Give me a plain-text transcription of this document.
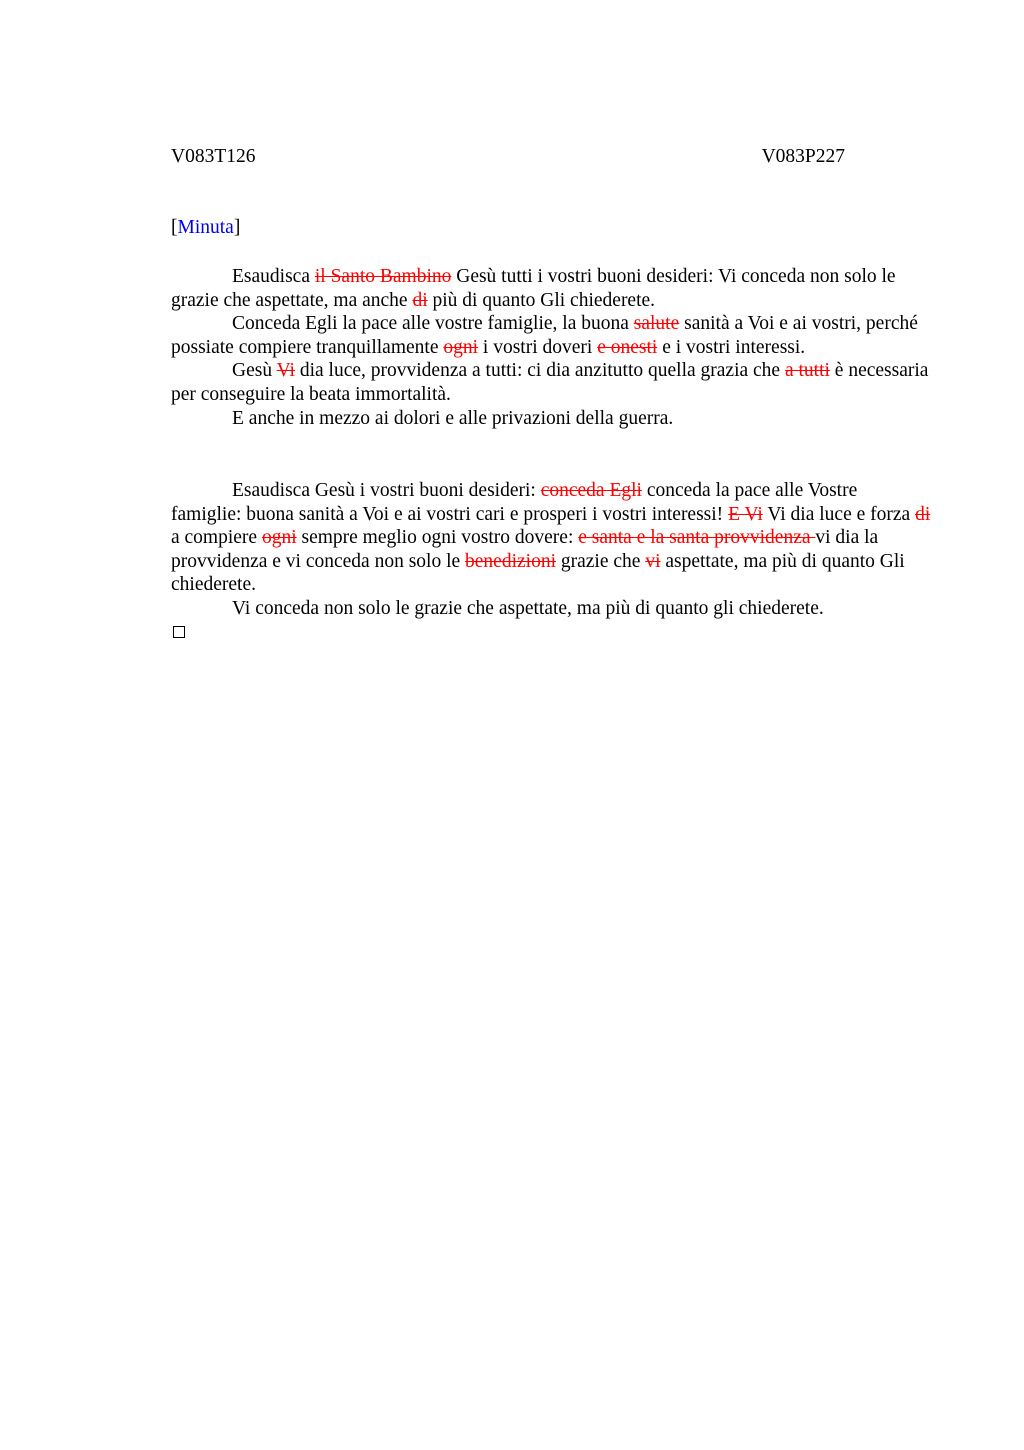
V083T126	V083P227
[Minuta]

Esaudisca il Santo Bambino Gesù tutti i vostri buoni desideri: Vi conceda non solo le grazie che aspettate, ma anche di più di quanto Gli chiederete.

Conceda Egli la pace alle vostre famiglie, la buona salute sanità a Voi e ai vostri, perché possiate compiere tranquillamente ogni i vostri doveri e onesti e i vostri interessi.

Gesù Vi dia luce, provvidenza a tutti: ci dia anzitutto quella grazia che a tutti è necessaria per conseguire la beata immortalità.

E anche in mezzo ai dolori e alle privazioni della guerra.

Esaudisca Gesù i vostri buoni desideri: conceda Egli conceda la pace alle Vostre famiglie: buona sanità a Voi e ai vostri cari e prosperi i vostri interessi! E Vi Vi dia luce e forza di a compiere ogni sempre meglio ogni vostro dovere: e santa e la santa provvidenza vi dia la provvidenza e vi conceda non solo le benedizioni grazie che vi aspettate, ma più di quanto Gli chiederete.

Vi conceda non solo le grazie che aspettate, ma più di quanto gli chiederete.
